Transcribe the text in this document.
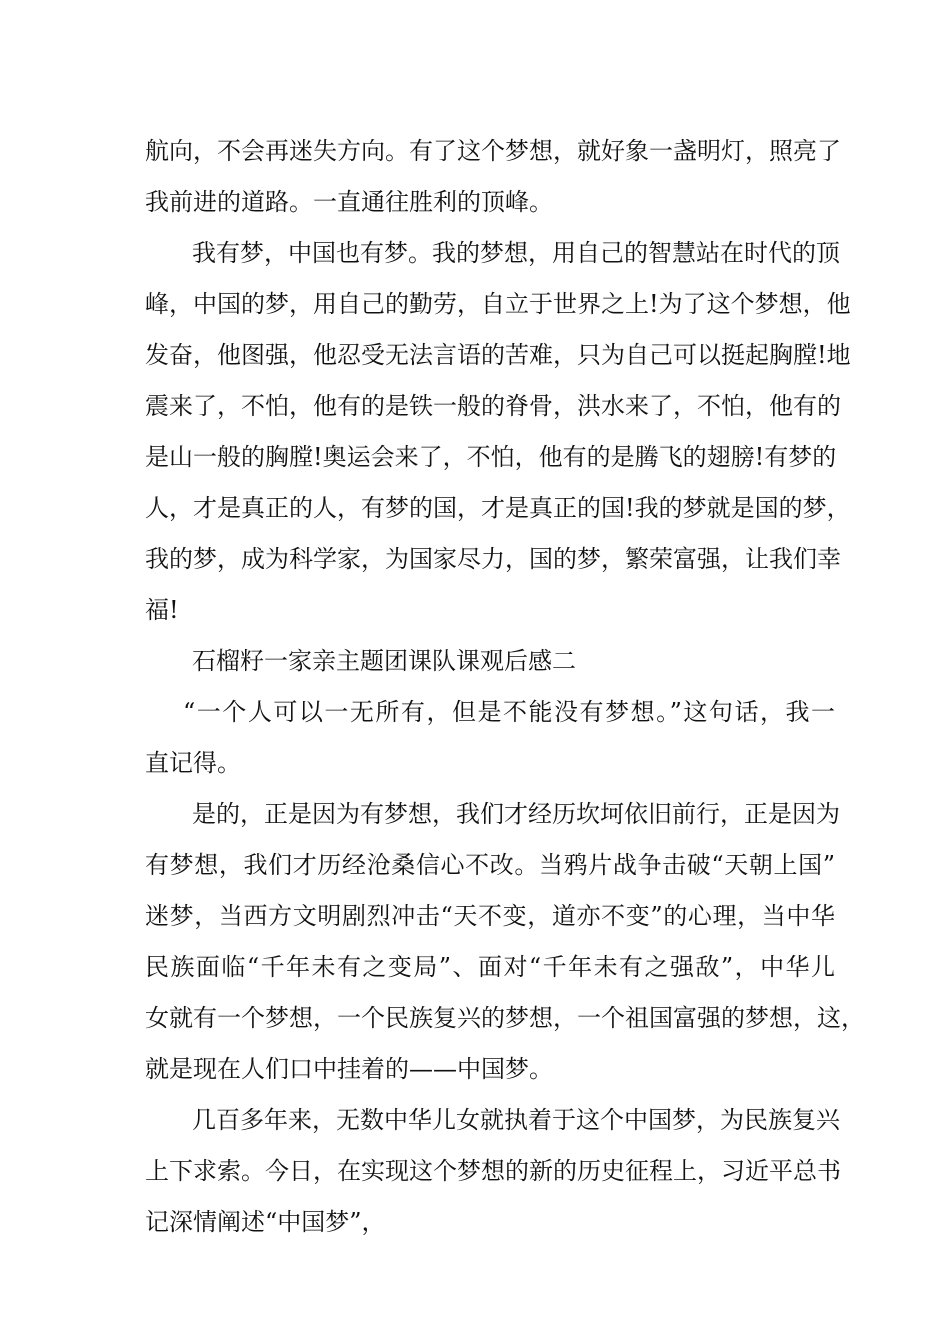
航向，不会再迷失方向。有了这个梦想，就好象一盏明灯，照亮了
我前进的道路。一直通往胜利的顶峰。
我有梦，中国也有梦。我的梦想，用自己的智慧站在时代的顶
峰，中国的梦，用自己的勤劳，自立于世界之上!为了这个梦想，他
发奋，他图强，他忍受无法言语的苦难，只为自己可以挺起胸膛!地
震来了，不怕，他有的是铁一般的脊骨，洪水来了，不怕，他有的
是山一般的胸膛!奥运会来了，不怕，他有的是腾飞的翅膀!有梦的
人，才是真正的人，有梦的国，才是真正的国!我的梦就是国的梦，
我的梦，成为科学家，为国家尽力，国的梦，繁荣富强，让我们幸
福!
石榴籽一家亲主题团课队课观后感二
“一个人可以一无所有，但是不能没有梦想。”这句话，我一
直记得。
是的，正是因为有梦想，我们才经历坎坷依旧前行，正是因为
有梦想，我们才历经沧桑信心不改。当鸦片战争击破“天朝上国”
迷梦，当西方文明剧烈冲击“天不变，道亦不变”的心理，当中华
民族面临“千年未有之变局”、面对“千年未有之强敌”，中华儿
女就有一个梦想，一个民族复兴的梦想，一个祖国富强的梦想，这，
就是现在人们口中挂着的——中国梦。
几百多年来，无数中华儿女就执着于这个中国梦，为民族复兴
上下求索。今日，在实现这个梦想的新的历史征程上，习近平总书
记深情阐述“中国梦”，
